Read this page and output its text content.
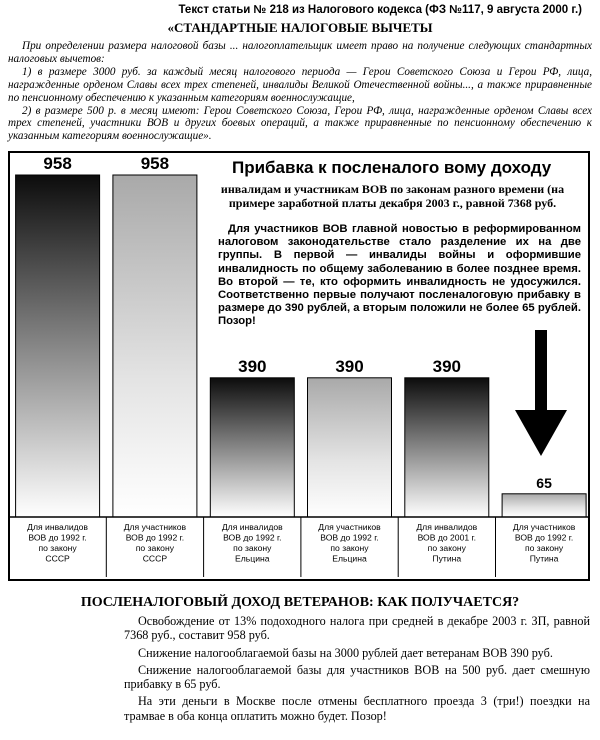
Текст статьи № 218 из Налогового кодекса (ФЗ №117, 9 августа 2000 г.)
«СТАНДАРТНЫЕ НАЛОГОВЫЕ ВЫЧЕТЫ

При определении размера налоговой базы ... налогоплательщик имеет право на получение следующих стандартных налоговых вычетов:

1) в размере 3000 руб. за каждый месяц налогового периода — Герои Советского Союза и Герои РФ, лица, награжденные орденом Славы всех трех степеней, инвалиды Великой Отечественной войны..., а также приравненные по пенсионному обеспечению к указанным категориям военнослужащие,

2) в размере 500 р. в месяц имеют: Герои Советского Союза, Герои РФ, лица, награжденные орденом Славы всех трех степеней, участники ВОВ и других боевых операций, а также приравненные по пенсионному обеспечению к указанным категориям военнослужащие».

958	958
390	390	390
65
Для инвалидов ВОВ до 1992 г. по закону СССР
Для участников ВОВ до 1992 г. по закону СССР
Для инвалидов ВОВ до 1992 г. по закону Ельцина
Для участников ВОВ до 1992 г. по закону Ельцина
Для инвалидов ВОВ до 2001 г. по закону Путина
Для участников ВОВ до 1992 г. по закону Путина
Прибавка к посленалого вому доходу
инвалидам и участникам ВОВ по законам разного времени (на примере заработной платы декабря 2003 г., равной 7368 руб.
Для участников ВОВ главной новостью в реформированном налоговом законодательстве стало разделение их на две группы. В первой — инвалиды войны и оформившие инвалидность по общему заболеванию в более позднее время. Во второй — те, кто оформить инвалидность не удосужился. Соответственно первые получают посленалоговую прибавку в размере до 390 рублей, а вторым положили не более 65 рублей. Позор!
ПОСЛЕНАЛОГОВЫЙ ДОХОД ВЕТЕРАНОВ: КАК ПОЛУЧАЕТСЯ?

Освобождение от 13% подоходного налога при средней в декабре 2003 г. ЗП, равной 7368 руб., составит 958 руб.

Снижение налогооблагаемой базы на 3000 рублей дает ветеранам ВОВ 390 руб.

Снижение налогооблагаемой базы для участников ВОВ на 500 руб. дает смешную прибавку в 65 руб.

На эти деньги в Москве после отмены бесплатного проезда 3 (три!) поездки на трамвае в оба конца оплатить можно будет. Позор!
